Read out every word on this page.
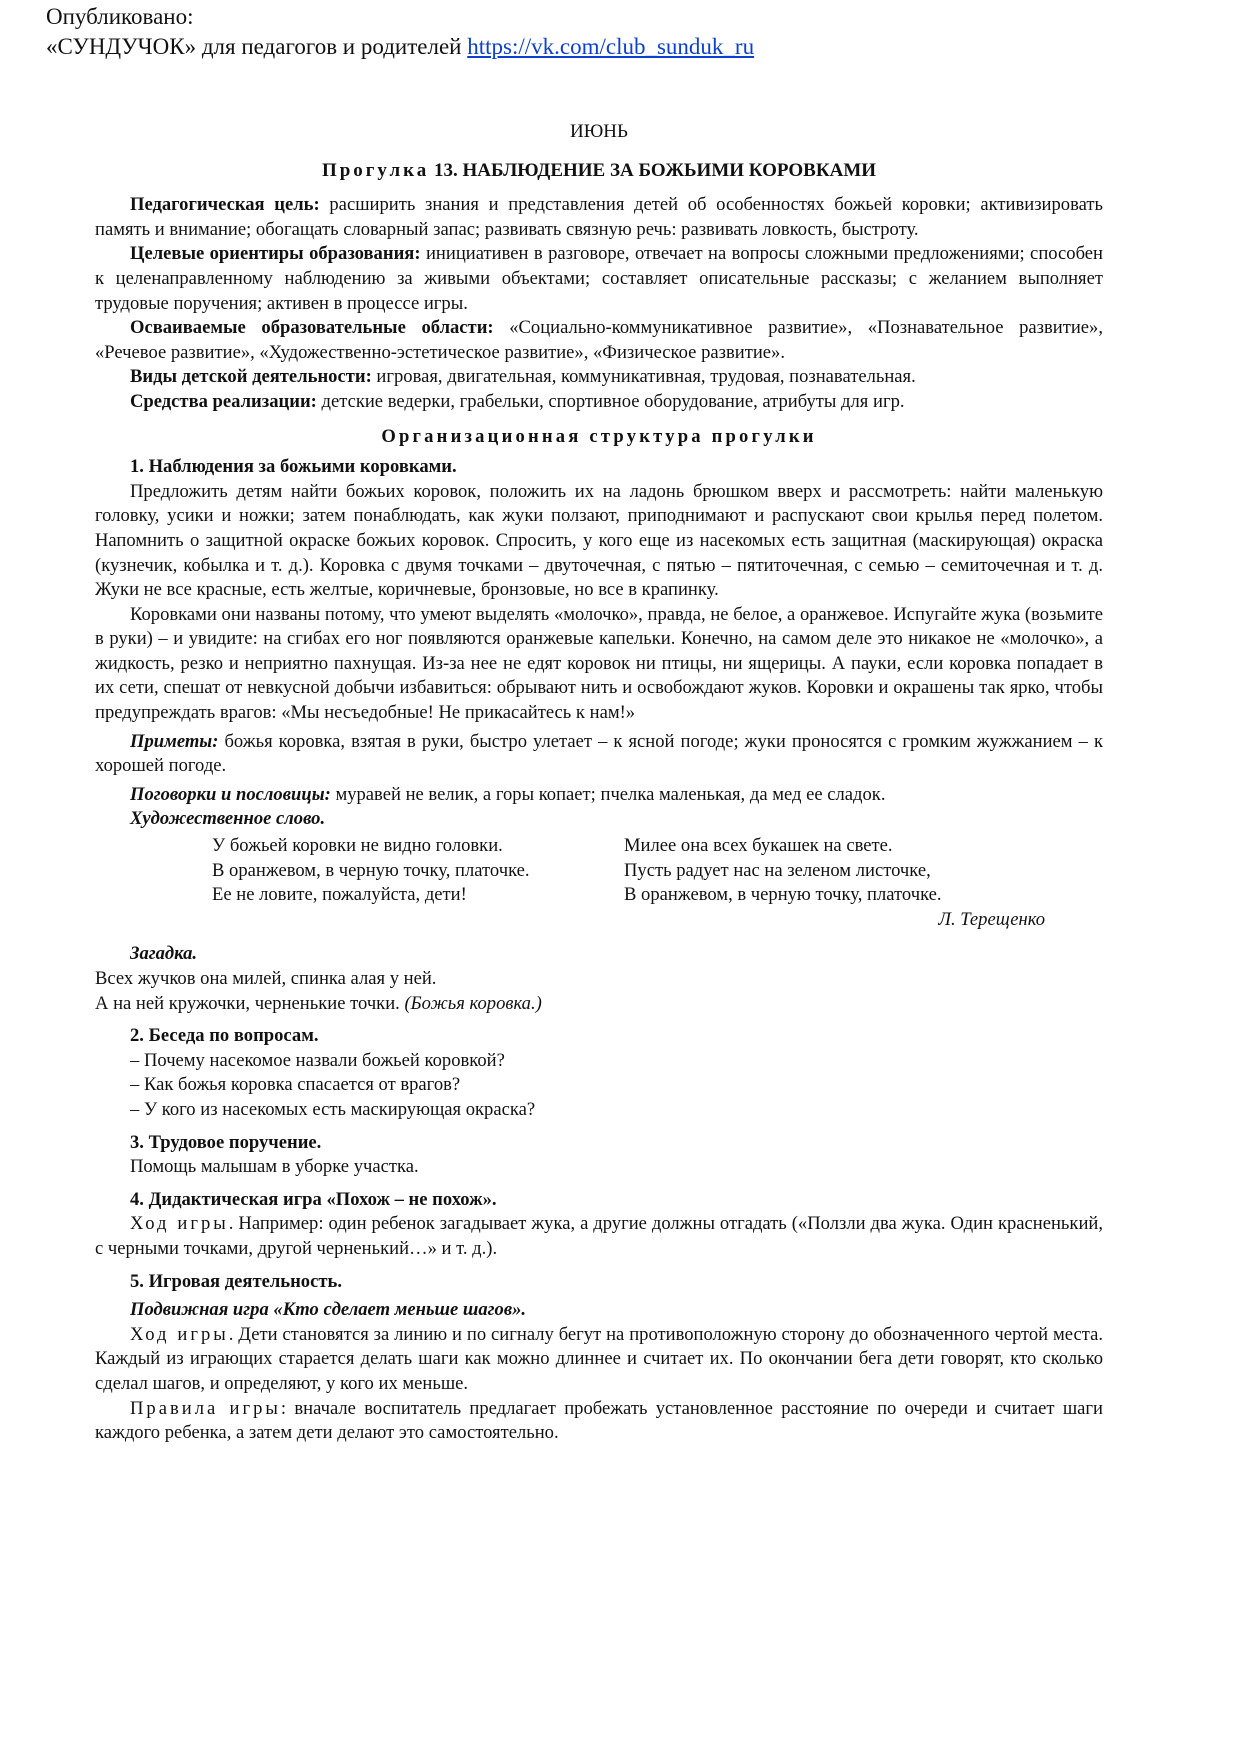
Опубликовано:
«СУНДУЧОК» для педагогов и родителей https://vk.com/club_sunduk_ru

ИЮНЬ

Прогулка 13. НАБЛЮДЕНИЕ ЗА БОЖЬИМИ КОРОВКАМИ

Педагогическая цель: расширить знания и представления детей об особенностях божьей коровки; активизировать память и внимание; обогащать словарный запас; развивать связную речь: развивать ловкость, быстроту.

Целевые ориентиры образования: инициативен в разговоре, отвечает на вопросы сложными предложениями; способен к целенаправленному наблюдению за живыми объектами; составляет описательные рассказы; с желанием выполняет трудовые поручения; активен в процессе игры.

Осваиваемые образовательные области: «Социально-коммуникативное развитие», «Познавательное развитие», «Речевое развитие», «Художественно-эстетическое развитие», «Физическое развитие».

Виды детской деятельности: игровая, двигательная, коммуникативная, трудовая, познавательная.

Средства реализации: детские ведерки, грабельки, спортивное оборудование, атрибуты для игр.

Организационная структура прогулки

1. Наблюдения за божьими коровками.

Предложить детям найти божьих коровок, положить их на ладонь брюшком вверх и рассмотреть: найти маленькую головку, усики и ножки; затем понаблюдать, как жуки ползают, приподнимают и распускают свои крылья перед полетом. Напомнить о защитной окраске божьих коровок. Спросить, у кого еще из насекомых есть защитная (маскирующая) окраска (кузнечик, кобылка и т. д.). Коровка с двумя точками – двуточечная, с пятью – пятиточечная, с семью – семиточечная и т. д. Жуки не все красные, есть желтые, коричневые, бронзовые, но все в крапинку.

Коровками они названы потому, что умеют выделять «молочко», правда, не белое, а оранжевое. Испугайте жука (возьмите в руки) – и увидите: на сгибах его ног появляются оранжевые капельки. Конечно, на самом деле это никакое не «молочко», а жидкость, резко и неприятно пахнущая. Из-за нее не едят коровок ни птицы, ни ящерицы. А пауки, если коровка попадает в их сети, спешат от невкусной добычи избавиться: обрывают нить и освобождают жуков. Коровки и окрашены так ярко, чтобы предупреждать врагов: «Мы несъедобные! Не прикасайтесь к нам!»

Приметы: божья коровка, взятая в руки, быстро улетает – к ясной погоде; жуки проносятся с громким жужжанием – к хорошей погоде.

Поговорки и пословицы: муравей не велик, а горы копает; пчелка маленькая, да мед ее сладок.

Художественное слово.

У божьей коровки не видно головки.
В оранжевом, в черную точку, платочке.
Ее не ловите, пожалуйста, дети!
Милее она всех букашек на свете.
Пусть радует нас на зеленом листочке,
В оранжевом, в черную точку, платочке.

Л. Терещенко

Загадка.

Всех жучков она милей, спинка алая у ней.

А на ней кружочки, черненькие точки. (Божья коровка.)

2. Беседа по вопросам.

– Почему насекомое назвали божьей коровкой?

– Как божья коровка спасается от врагов?

– У кого из насекомых есть маскирующая окраска?

3. Трудовое поручение.

Помощь малышам в уборке участка.

4. Дидактическая игра «Похож – не похож».

Ход игры. Например: один ребенок загадывает жука, а другие должны отгадать («Ползли два жука. Один красненький, с черными точками, другой черненький…» и т. д.).

5. Игровая деятельность.

Подвижная игра «Кто сделает меньше шагов».

Ход игры. Дети становятся за линию и по сигналу бегут на противоположную сторону до обозначенного чертой места. Каждый из играющих старается делать шаги как можно длиннее и считает их. По окончании бега дети говорят, кто сколько сделал шагов, и определяют, у кого их меньше.

Правила игры: вначале воспитатель предлагает пробежать установленное расстояние по очереди и считает шаги каждого ребенка, а затем дети делают это самостоятельно.
